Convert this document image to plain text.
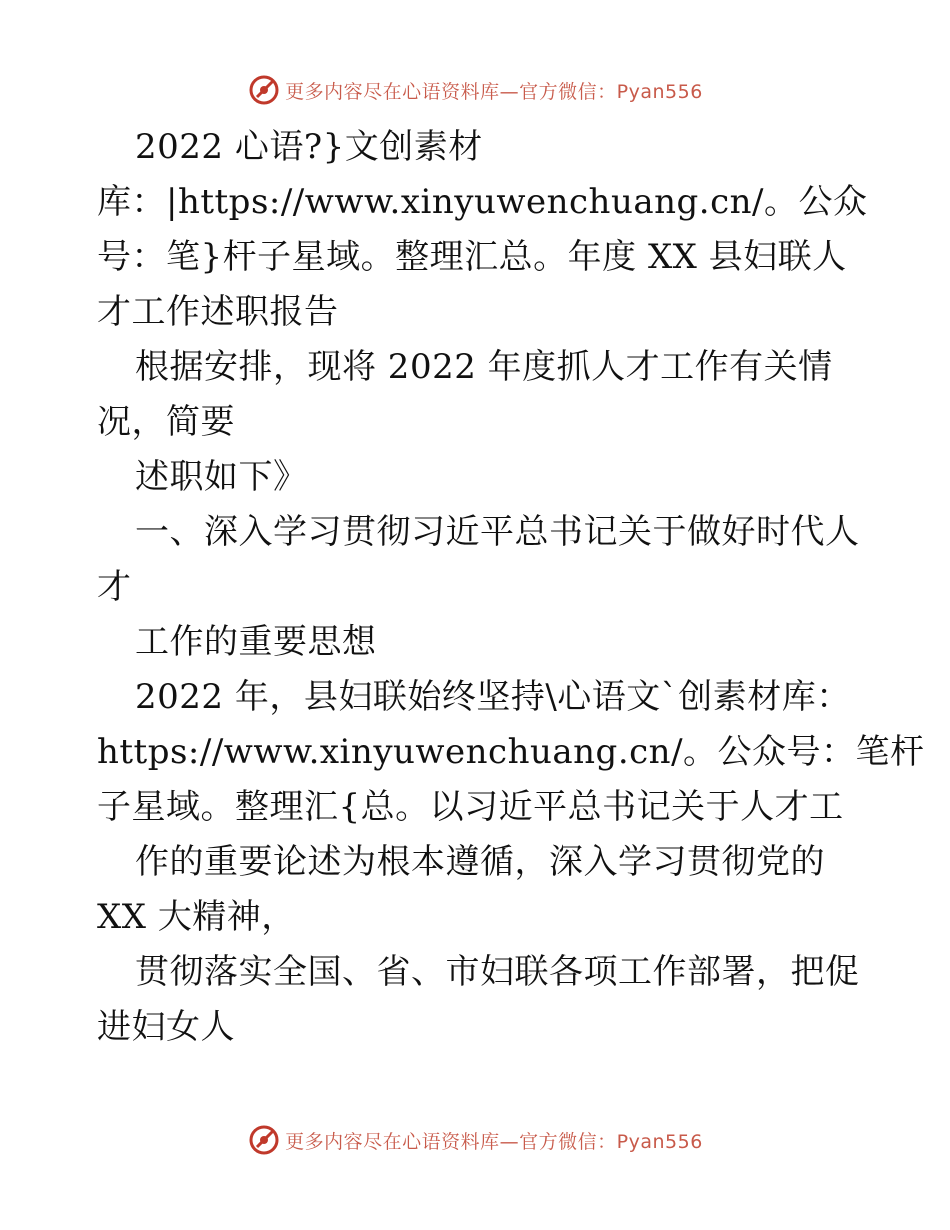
更多内容尽在心语资料库—官方微信：Pyan556
2022 心语?}文创素材
库：|https://www.xinyuwenchuang.cn/。公众
号：笔}杆子星域。整理汇总。年度 XX 县妇联人
才工作述职报告
根据安排，现将 2022 年度抓人才工作有关情
况，简要
述职如下》
一、深入学习贯彻习近平总书记关于做好时代人
才
工作的重要思想
2022 年，县妇联始终坚持\心语文`创素材库：
https://www.xinyuwenchuang.cn/。公众号：笔杆
子星域。整理汇{总。以习近平总书记关于人才工
作的重要论述为根本遵循，深入学习贯彻党的
XX 大精神，
贯彻落实全国、省、市妇联各项工作部署，把促
进妇女人
更多内容尽在心语资料库—官方微信：Pyan556
